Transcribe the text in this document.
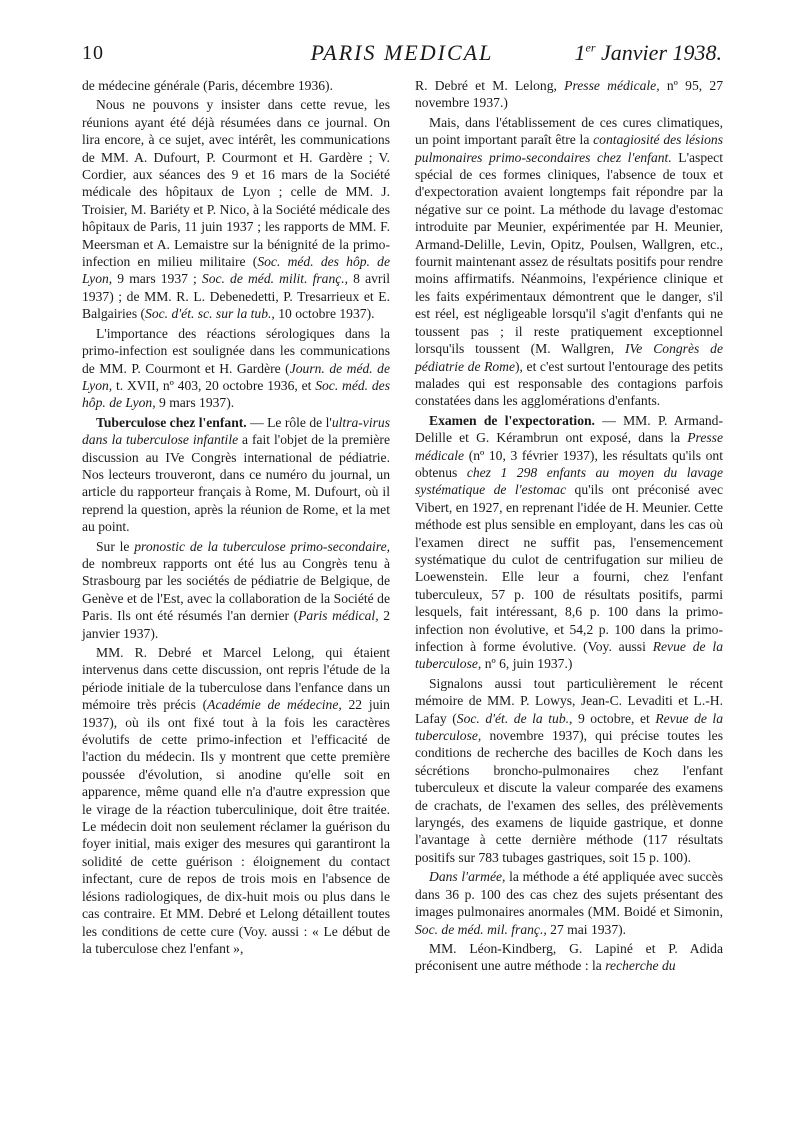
10	PARIS MEDICAL	1er Janvier 1938.

de médecine générale (Paris, décembre 1936).

Nous ne pouvons y insister dans cette revue, les réunions ayant été déjà résumées dans ce journal. On lira encore, à ce sujet, avec intérêt, les communications de MM. A. Dufourt, P. Courmont et H. Gardère ; V. Cordier, aux séances des 9 et 16 mars de la Société médicale des hôpitaux de Lyon ; celle de MM. J. Troisier, M. Bariéty et P. Nico, à la Société médicale des hôpitaux de Paris, 11 juin 1937 ; les rapports de MM. F. Meersman et A. Lemaistre sur la bénignité de la primo-infection en milieu militaire (Soc. méd. des hôp. de Lyon, 9 mars 1937 ; Soc. de méd. milit. franç., 8 avril 1937) ; de MM. R. L. Debenedetti, P. Tresarrieux et E. Balgairies (Soc. d'ét. sc. sur la tub., 10 octobre 1937).

L'importance des réactions sérologiques dans la primo-infection est soulignée dans les communications de MM. P. Courmont et H. Gardère (Journ. de méd. de Lyon, t. XVII, nº 403, 20 octobre 1936, et Soc. méd. des hôp. de Lyon, 9 mars 1937).

Tuberculose chez l'enfant. — Le rôle de l'ultra-virus dans la tuberculose infantile a fait l'objet de la première discussion au IVe Congrès international de pédiatrie. Nos lecteurs trouveront, dans ce numéro du journal, un article du rapporteur français à Rome, M. Dufourt, où il reprend la question, après la réunion de Rome, et la met au point.

Sur le pronostic de la tuberculose primo-secondaire, de nombreux rapports ont été lus au Congrès tenu à Strasbourg par les sociétés de pédiatrie de Belgique, de Genève et de l'Est, avec la collaboration de la Société de Paris. Ils ont été résumés l'an dernier (Paris médical, 2 janvier 1937).

MM. R. Debré et Marcel Lelong, qui étaient intervenus dans cette discussion, ont repris l'étude de la période initiale de la tuberculose dans l'enfance dans un mémoire très précis (Académie de médecine, 22 juin 1937), où ils ont fixé tout à la fois les caractères évolutifs de cette primo-infection et l'efficacité de l'action du médecin. Ils y montrent que cette première poussée d'évolution, si anodine qu'elle soit en apparence, même quand elle n'a d'autre expression que le virage de la réaction tuberculinique, doit être traitée. Le médecin doit non seulement réclamer la guérison du foyer initial, mais exiger des mesures qui garantiront la solidité de cette guérison : éloignement du contact infectant, cure de repos de trois mois en l'absence de lésions radiologiques, de dix-huit mois ou plus dans le cas contraire. Et MM. Debré et Lelong détaillent toutes les conditions de cette cure (Voy. aussi : « Le début de la tuberculose chez l'enfant »,

R. Debré et M. Lelong, Presse médicale, nº 95, 27 novembre 1937.)

Mais, dans l'établissement de ces cures climatiques, un point important paraît être la contagiosité des lésions pulmonaires primo-secondaires chez l'enfant. L'aspect spécial de ces formes cliniques, l'absence de toux et d'expectoration avaient longtemps fait répondre par la négative sur ce point. La méthode du lavage d'estomac introduite par Meunier, expérimentée par H. Meunier, Armand-Delille, Levin, Opitz, Poulsen, Wallgren, etc., fournit maintenant assez de résultats positifs pour rendre moins affirmatifs. Néanmoins, l'expérience clinique et les faits expérimentaux démontrent que le danger, s'il est réel, est négligeable lorsqu'il s'agit d'enfants qui ne toussent pas ; il reste pratiquement exceptionnel lorsqu'ils toussent (M. Wallgren, IVe Congrès de pédiatrie de Rome), et c'est surtout l'entourage des petits malades qui est responsable des contagions parfois constatées dans les agglomérations d'enfants.

Examen de l'expectoration. — MM. P. Armand-Delille et G. Kérambrun ont exposé, dans la Presse médicale (nº 10, 3 février 1937), les résultats qu'ils ont obtenus chez 1 298 enfants au moyen du lavage systématique de l'estomac qu'ils ont préconisé avec Vibert, en 1927, en reprenant l'idée de H. Meunier. Cette méthode est plus sensible en employant, dans les cas où l'examen direct ne suffit pas, l'ensemencement systématique du culot de centrifugation sur milieu de Loewenstein. Elle leur a fourni, chez l'enfant tuberculeux, 57 p. 100 de résultats positifs, parmi lesquels, fait intéressant, 8,6 p. 100 dans la primo-infection non évolutive, et 54,2 p. 100 dans la primo-infection à forme évolutive. (Voy. aussi Revue de la tuberculose, nº 6, juin 1937.)

Signalons aussi tout particulièrement le récent mémoire de MM. P. Lowys, Jean-C. Levaditi et L.-H. Lafay (Soc. d'ét. de la tub., 9 octobre, et Revue de la tuberculose, novembre 1937), qui précise toutes les conditions de recherche des bacilles de Koch dans les sécrétions broncho-pulmonaires chez l'enfant tuberculeux et discute la valeur comparée des examens de crachats, de l'examen des selles, des prélèvements laryngés, des examens de liquide gastrique, et donne l'avantage à cette dernière méthode (117 résultats positifs sur 783 tubages gastriques, soit 15 p. 100).

Dans l'armée, la méthode a été appliquée avec succès dans 36 p. 100 des cas chez des sujets présentant des images pulmonaires anormales (MM. Boidé et Simonin, Soc. de méd. mil. franç., 27 mai 1937).

MM. Léon-Kindberg, G. Lapiné et P. Adida préconisent une autre méthode : la recherche du
